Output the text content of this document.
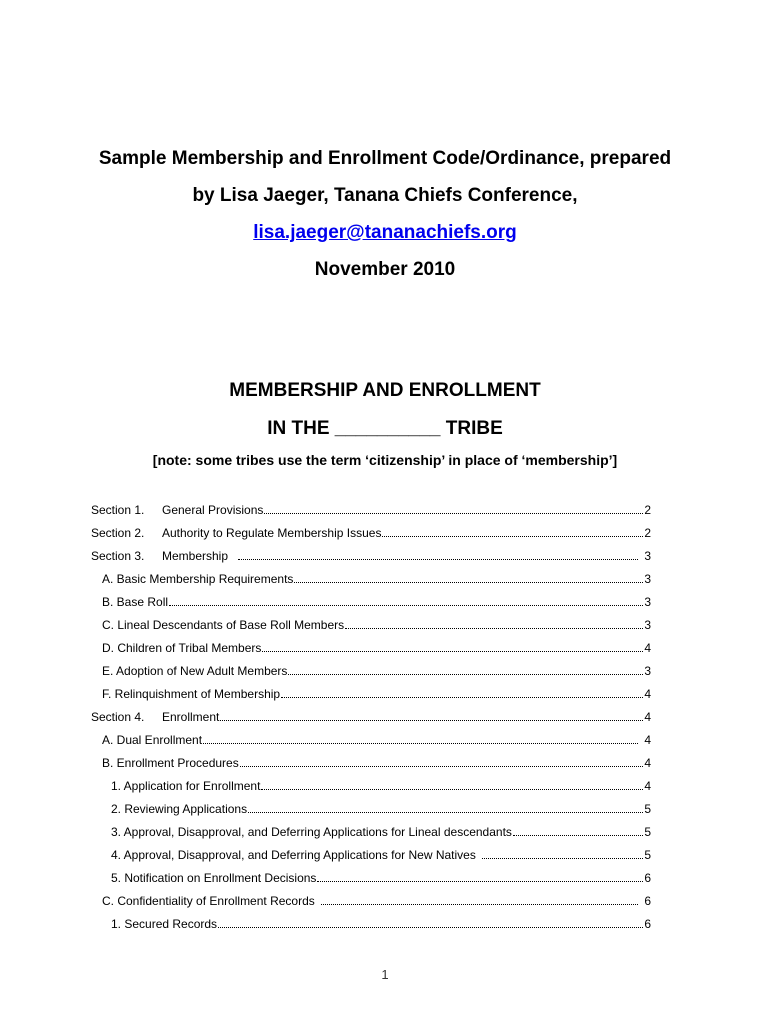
Sample Membership and Enrollment Code/Ordinance, prepared
by Lisa Jaeger, Tanana Chiefs Conference,
lisa.jaeger@tananachiefs.org
November 2010
MEMBERSHIP AND ENROLLMENT
IN THE __________ TRIBE
[note: some tribes use the term ‘citizenship’ in place of ‘membership’]
Section 1.	General Provisions	2
Section 2.	Authority to Regulate Membership Issues	2
Section 3.	Membership	3
A. Basic Membership Requirements	3
B. Base Roll	3
C. Lineal Descendants of Base Roll Members	3
D. Children of Tribal Members	4
E. Adoption of New Adult Members	3
F. Relinquishment of Membership	4
Section 4.	Enrollment	4
A. Dual Enrollment	4
B. Enrollment Procedures	4
1. Application for Enrollment	4
2. Reviewing Applications	5
3. Approval, Disapproval, and Deferring Applications for Lineal descendants	5
4. Approval, Disapproval, and Deferring Applications for New Natives	5
5. Notification on Enrollment Decisions	6
C. Confidentiality of Enrollment Records	6
1. Secured Records	6
1
